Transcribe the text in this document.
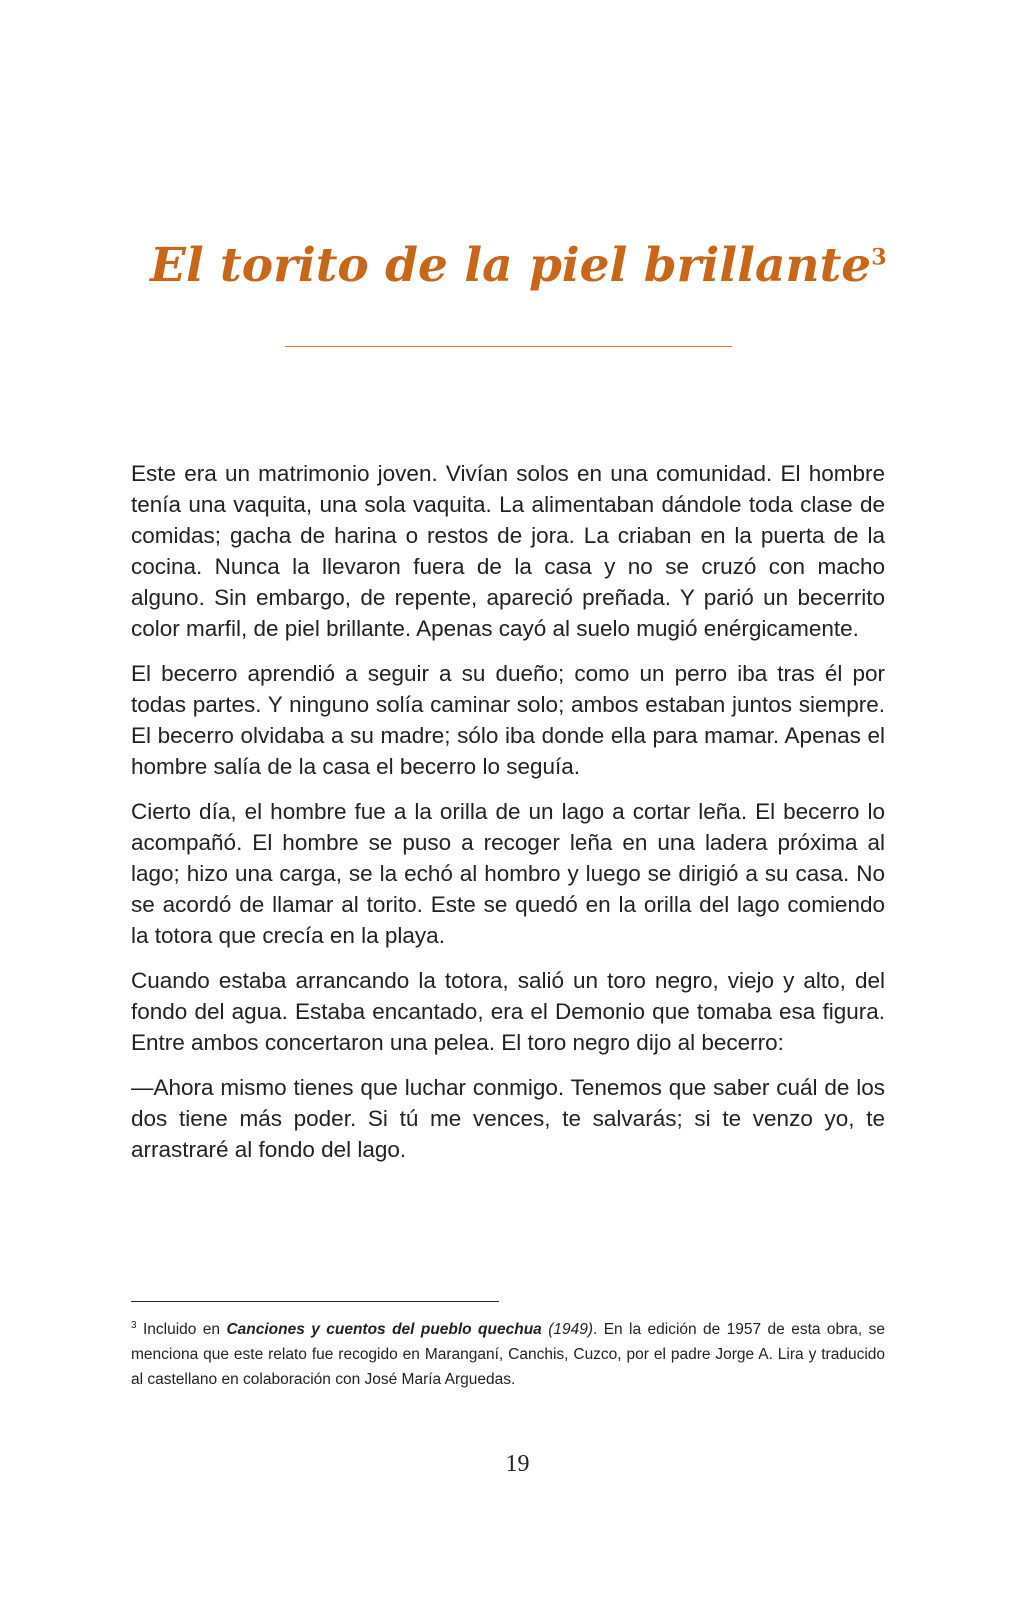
El torito de la piel brillante$^3$

Este era un matrimonio joven. Vivían solos en una comunidad. El hombre tenía una vaquita, una sola vaquita. La alimentaban dándole toda clase de comidas; gacha de harina o restos de jora. La criaban en la puerta de la cocina. Nunca la llevaron fuera de la casa y no se cruzó con macho alguno. Sin embargo, de repente, apareció preñada. Y parió un becerrito color marfil, de piel brillante. Apenas cayó al suelo mugió enérgicamente.

El becerro aprendió a seguir a su dueño; como un perro iba tras él por todas partes. Y ninguno solía caminar solo; ambos estaban juntos siempre. El becerro olvidaba a su madre; sólo iba donde ella para mamar. Apenas el hombre salía de la casa el becerro lo seguía.

Cierto día, el hombre fue a la orilla de un lago a cortar leña. El becerro lo acompañó. El hombre se puso a recoger leña en una ladera próxima al lago; hizo una carga, se la echó al hombro y luego se dirigió a su casa. No se acordó de llamar al torito. Este se quedó en la orilla del lago comiendo la totora que crecía en la playa.

Cuando estaba arrancando la totora, salió un toro negro, viejo y alto, del fondo del agua. Estaba encantado, era el Demonio que tomaba esa figura. Entre ambos concertaron una pelea. El toro negro dijo al becerro:

—Ahora mismo tienes que luchar conmigo. Tenemos que saber cuál de los dos tiene más poder. Si tú me vences, te salvarás; si te venzo yo, te arrastraré al fondo del lago.

$^3$ Incluido en Canciones y cuentos del pueblo quechua (1949). En la edición de 1957 de esta obra, se menciona que este relato fue recogido en Maranganí, Canchis, Cuzco, por el padre Jorge A. Lira y traducido al castellano en colaboración con José María Arguedas.
19
